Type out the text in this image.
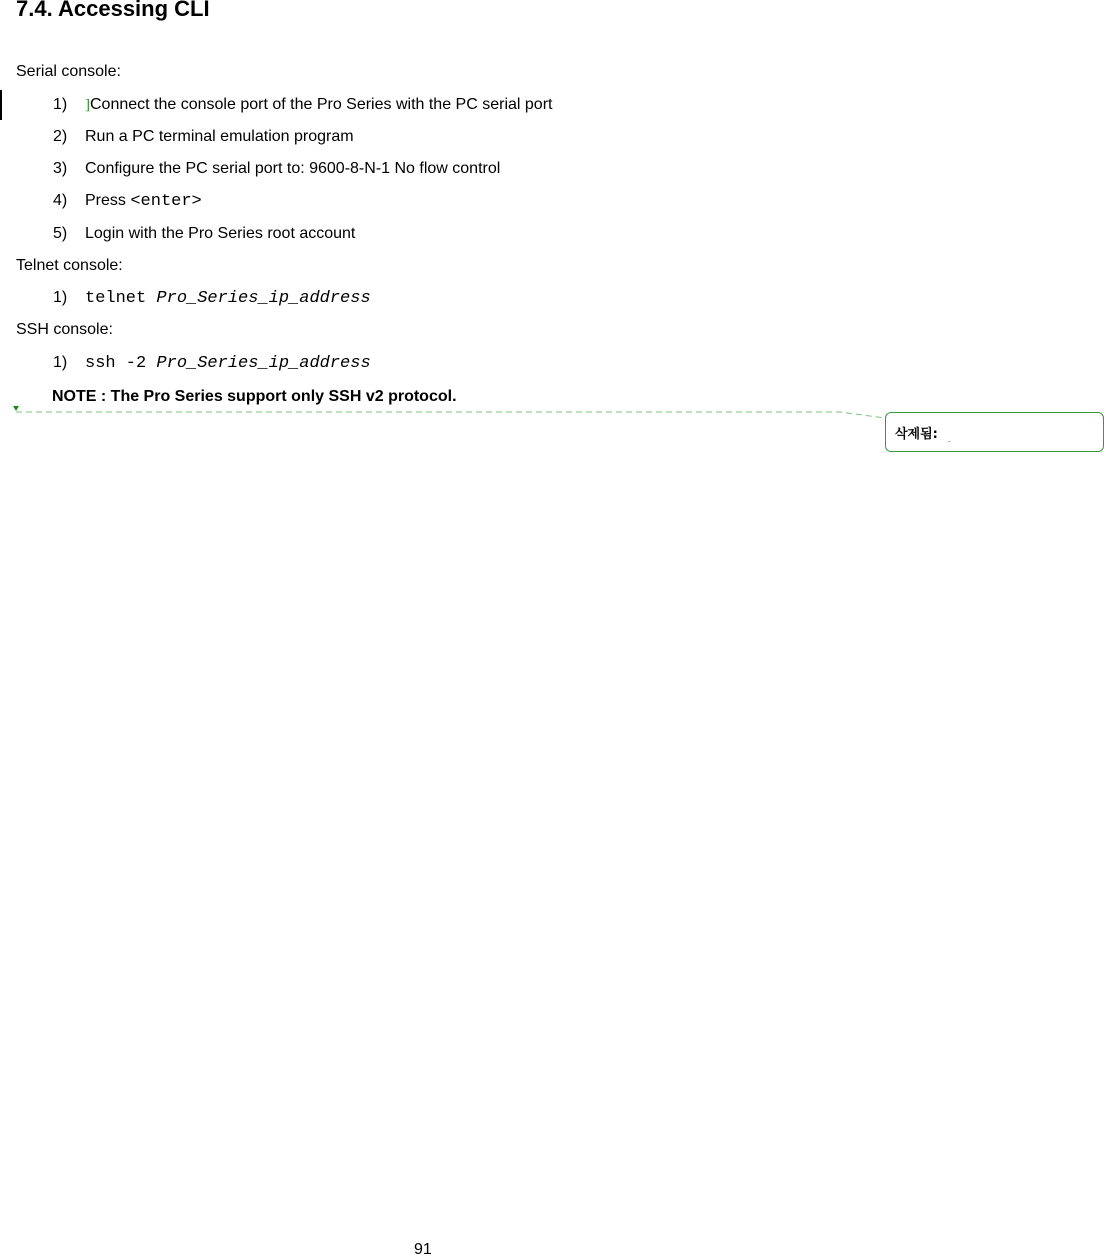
7.4. Accessing CLI
Serial console:
1) ]Connect the console port of the Pro Series with the PC serial port
2) Run a PC terminal emulation program
3) Configure the PC serial port to: 9600-8-N-1 No flow control
4) Press <enter>
5) Login with the Pro Series root account
Telnet console:
1) telnet Pro_Series_ip_address
SSH console:
1) ssh -2 Pro_Series_ip_address
NOTE : The Pro Series support only SSH v2 protocol.
삭제됨:
91
